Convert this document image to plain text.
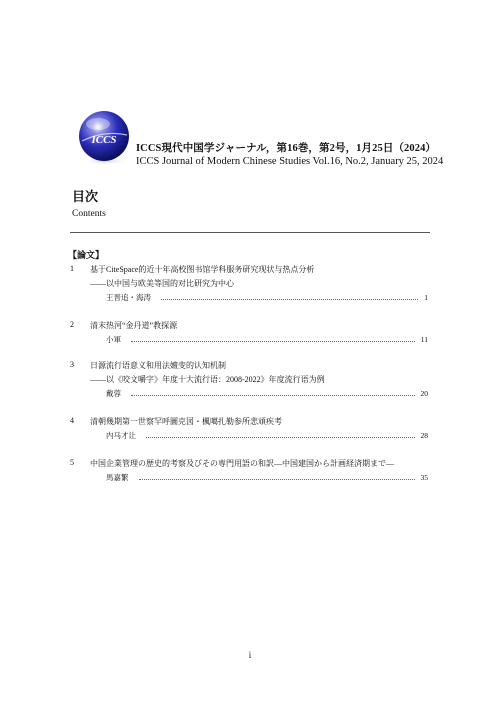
ICCS
ICCS現代中国学ジャーナル，第16巻，第2号，1月25日（2024）
ICCS Journal of Modern Chinese Studies Vol.16, No.2, January 25, 2024
目次
Contents
【論文】
1 基于CiteSpace的近十年高校图书馆学科服务研究现状与热点分析
――以中国与欧美等国的对比研究为中心
王晋追・海涛	1
2 清末热河“金丹道”教探源
小軍	11
3 日源流行语意义和用法嬗变的认知机制
――以《咬文嚼字》年度十大流行语：2008-2022》年度流行语为例
戴蓉	20
4 清朝幾期第一世察罕呼圖克図・楓噶扎勒参所悲頑疾考
内马才让	28
5 中国企業管理の歴史的考察及びその専門用語の和訳―中国建国から計画経済期まで―
馬嘉繁	35
i
